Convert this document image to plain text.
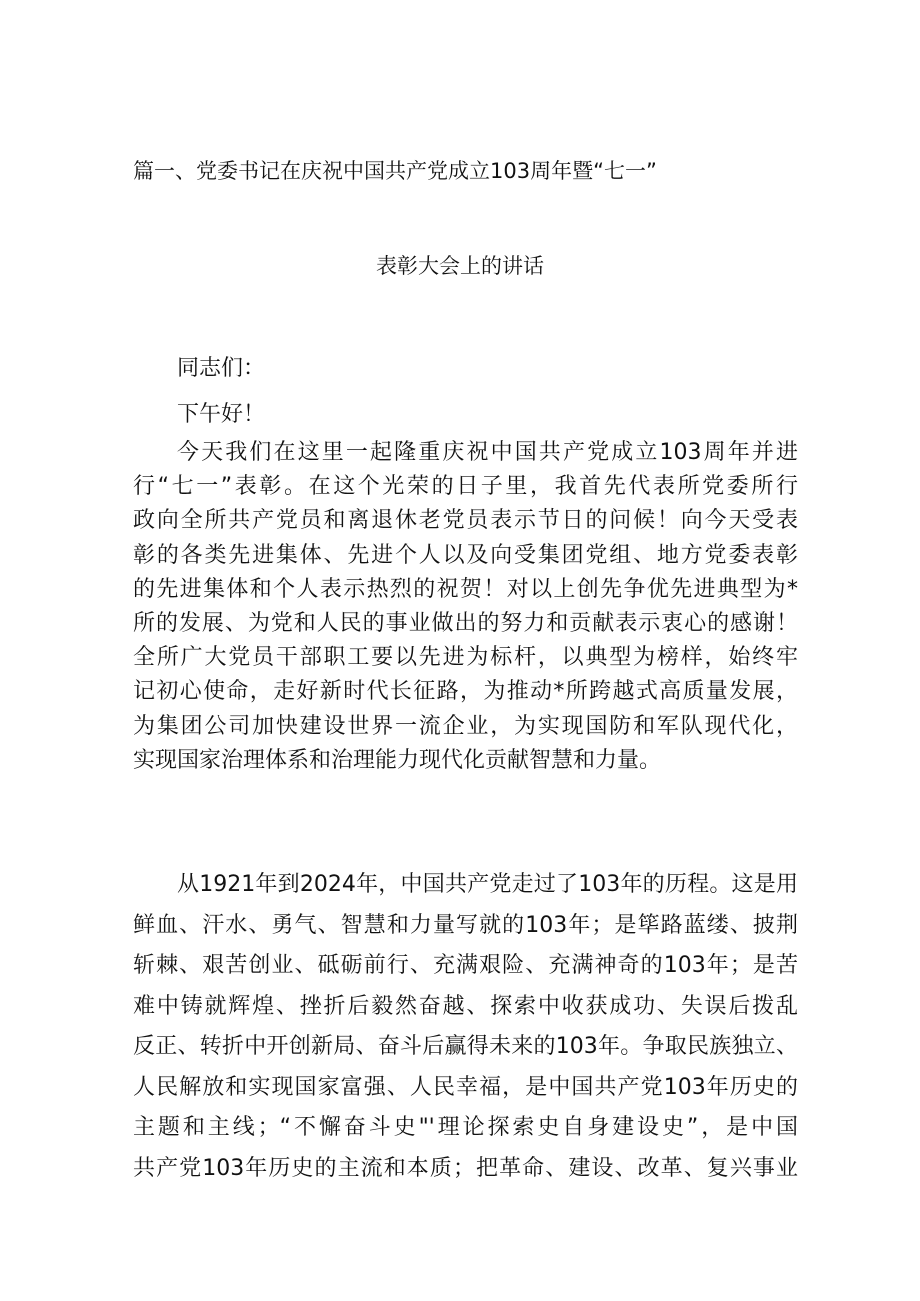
篇一、党委书记在庆祝中国共产党成立103周年暨“七一”
表彰大会上的讲话
同志们：
下午好！
今天我们在这里一起隆重庆祝中国共产党成立103周年并进
行“七一”表彰。在这个光荣的日子里，我首先代表所党委所行
政向全所共产党员和离退休老党员表示节日的问候！向今天受表
彰的各类先进集体、先进个人以及向受集团党组、地方党委表彰
的先进集体和个人表示热烈的祝贺！对以上创先争优先进典型为*
所的发展、为党和人民的事业做出的努力和贡献表示衷心的感谢！
全所广大党员干部职工要以先进为标杆，以典型为榜样，始终牢
记初心使命，走好新时代长征路，为推动*所跨越式高质量发展，
为集团公司加快建设世界一流企业，为实现国防和军队现代化，
实现国家治理体系和治理能力现代化贡献智慧和力量。
从1921年到2024年，中国共产党走过了103年的历程。这是用
鲜血、汗水、勇气、智慧和力量写就的103年；是筚路蓝缕、披荆
斩棘、艰苦创业、砥砺前行、充满艰险、充满神奇的103年；是苦
难中铸就辉煌、挫折后毅然奋越、探索中收获成功、失误后拨乱
反正、转折中开创新局、奋斗后赢得未来的103年。争取民族独立、
人民解放和实现国家富强、人民幸福，是中国共产党103年历史的
主题和主线；“不懈奋斗史"'理论探索史自身建设史”，是中国
共产党103年历史的主流和本质；把革命、建设、改革、复兴事业
